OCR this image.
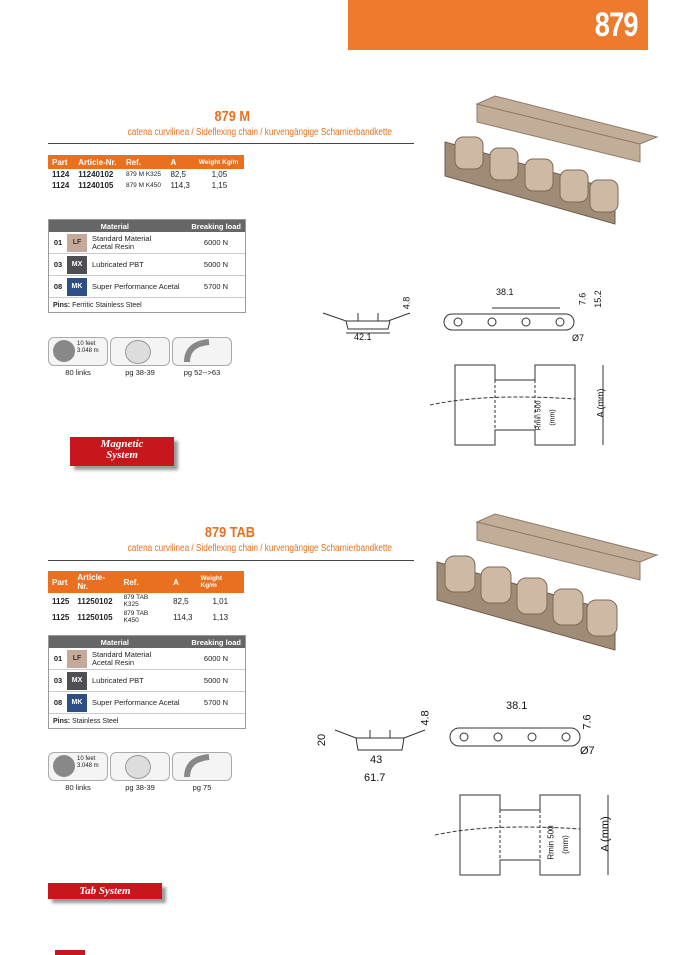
879
879 M
catena curvilinea / Sideflexing chain / kurvengängige Scharnierbandkette
Part	Article-Nr.	Ref.	A	Weight Kg/m
1124	11240102	879 M K325	82,5	1,05
1124	11240105	879 M K450	114,3	1,15
Material	Breaking load
01	LF	Standard Material
Acetal Resin	6000 N
03	MX	Lubricated PBT	5000 N
08	MK	Super Performance Acetal	5700 N
Pins:
Ferritic Stainless Steel
10 feet
3.048 m
80 links	pg 38-39	pg 52-->63
Magnetic
System
42.1
4.8
38.1
7.6 15.2
Ø7
A (mm)
Rmin 500 (mm)
879 TAB
catena curvilinea / Sideflexing chain / kurvengängige Scharnierbandkette
Part	Article-Nr.	Ref.	A	Weight Kg/m
1125	11250102	879 TAB K325	82,5	1,01
1125	11250105	879 TAB K450	114,3	1,13
Material	Breaking load
01	LF	Standard Material
Acetal Resin	6000 N
03	MX	Lubricated PBT	5000 N
08	MK	Super Performance Acetal	5700 N
Pins:
Stainless Steel
10 feet
3.048 m
80 links	pg 38-39	pg 75
Tab System
20
4.8
43
61.7
38.1
7.6
Ø7
A (mm)
Rmin 500 (mm)
